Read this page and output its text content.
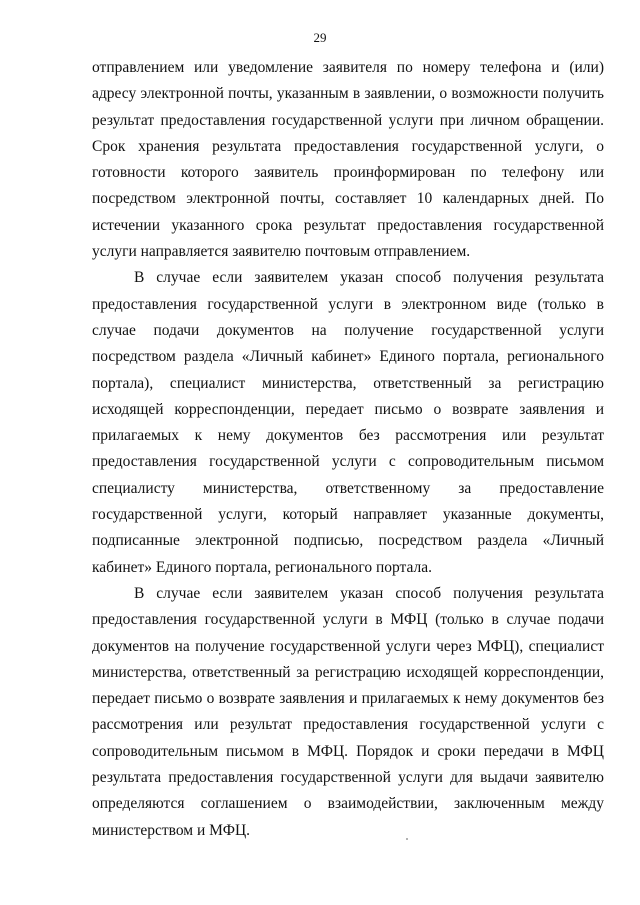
29

отправлением или уведомление заявителя по номеру телефона и (или) адресу электронной почты, указанным в заявлении, о возможности получить результат предоставления государственной услуги при личном обращении. Срок хранения результата предоставления государственной услуги, о готовности которого заявитель проинформирован по телефону или посредством электронной почты, составляет 10 календарных дней. По истечении указанного срока результат предоставления государственной услуги направляется заявителю почтовым отправлением.

В случае если заявителем указан способ получения результата предоставления государственной услуги в электронном виде (только в случае подачи документов на получение государственной услуги посредством раздела «Личный кабинет» Единого портала, регионального портала), специалист министерства, ответственный за регистрацию исходящей корреспонденции, передает письмо о возврате заявления и прилагаемых к нему документов без рассмотрения или результат предоставления государственной услуги с сопроводительным письмом специалисту министерства, ответственному за предоставление государственной услуги, который направляет указанные документы, подписанные электронной подписью, посредством раздела «Личный кабинет» Единого портала, регионального портала.

В случае если заявителем указан способ получения результата предоставления государственной услуги в МФЦ (только в случае подачи документов на получение государственной услуги через МФЦ), специалист министерства, ответственный за регистрацию исходящей корреспонденции, передает письмо о возврате заявления и прилагаемых к нему документов без рассмотрения или результат предоставления государственной услуги с сопроводительным письмом в МФЦ. Порядок и сроки передачи в МФЦ результата предоставления государственной услуги для выдачи заявителю определяются соглашением о взаимодействии, заключенным между министерством и МФЦ.
